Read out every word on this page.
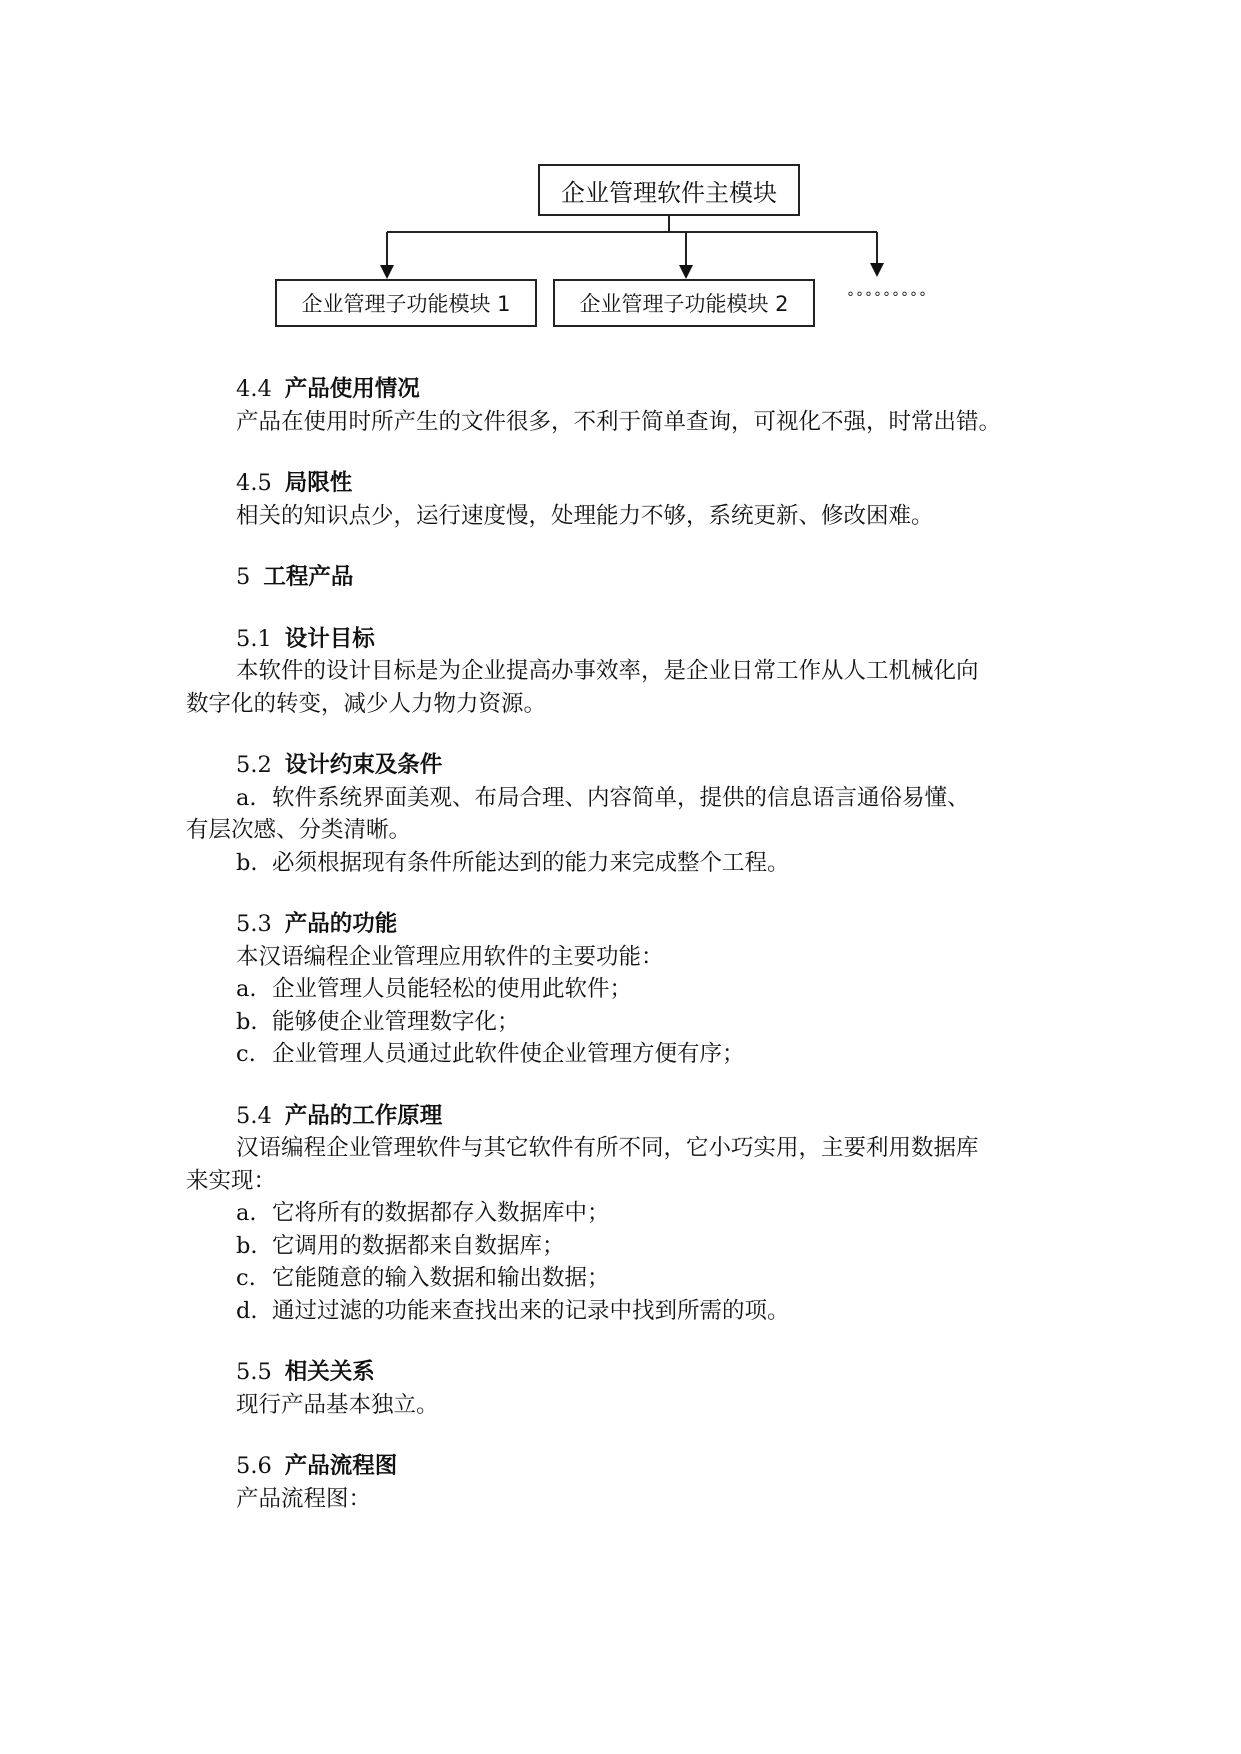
企业管理软件主模块
企业管理子功能模块 1	企业管理子功能模块 2	°°°°°°°°°

4.4 产品使用情况

产品在使用时所产生的文件很多，不利于简单查询，可视化不强，时常出错。

4.5 局限性

相关的知识点少，运行速度慢，处理能力不够，系统更新、修改困难。

5 工程产品

5.1 设计目标

本软件的设计目标是为企业提高办事效率，是企业日常工作从人工机械化向

数字化的转变，减少人力物力资源。

5.2 设计约束及条件

a. 软件系统界面美观、布局合理、内容简单，提供的信息语言通俗易懂、

有层次感、分类清晰。

b. 必须根据现有条件所能达到的能力来完成整个工程。

5.3 产品的功能

本汉语编程企业管理应用软件的主要功能：

a. 企业管理人员能轻松的使用此软件；

b. 能够使企业管理数字化；

c. 企业管理人员通过此软件使企业管理方便有序；

5.4 产品的工作原理

汉语编程企业管理软件与其它软件有所不同，它小巧实用，主要利用数据库

来实现：

a. 它将所有的数据都存入数据库中；

b. 它调用的数据都来自数据库；

c. 它能随意的输入数据和输出数据；

d. 通过过滤的功能来查找出来的记录中找到所需的项。

5.5 相关关系

现行产品基本独立。

5.6 产品流程图

产品流程图：
